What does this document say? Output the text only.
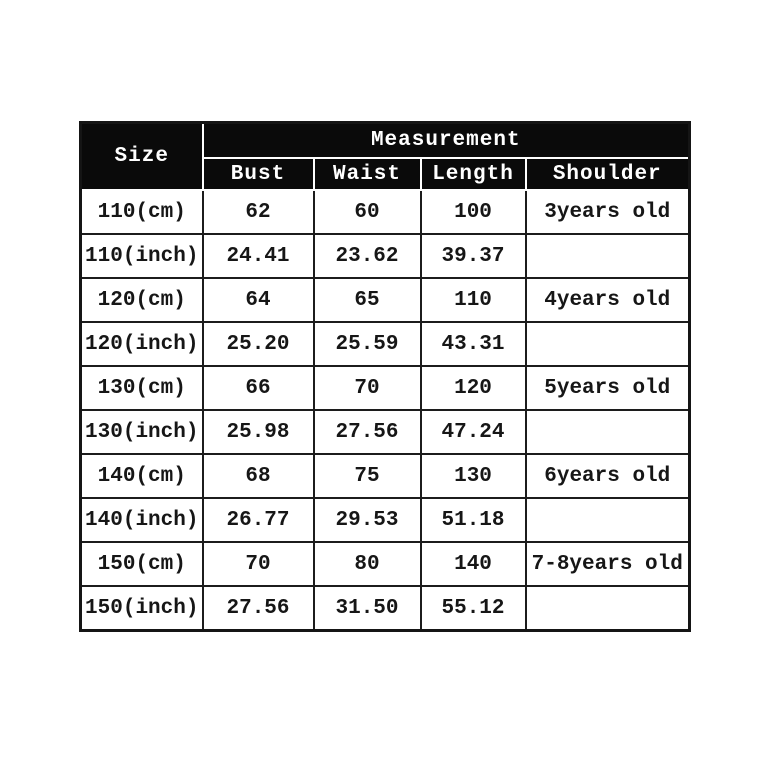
Size	Measurement			
	Bust	Waist	Length	Shoulder
110(cm)	62	60	100	3years old
110(inch)	24.41	23.62	39.37	
120(cm)	64	65	110	4years old
120(inch)	25.20	25.59	43.31	
130(cm)	66	70	120	5years old
130(inch)	25.98	27.56	47.24	
140(cm)	68	75	130	6years old
140(inch)	26.77	29.53	51.18	
150(cm)	70	80	140	7-8years old
150(inch)	27.56	31.50	55.12	
